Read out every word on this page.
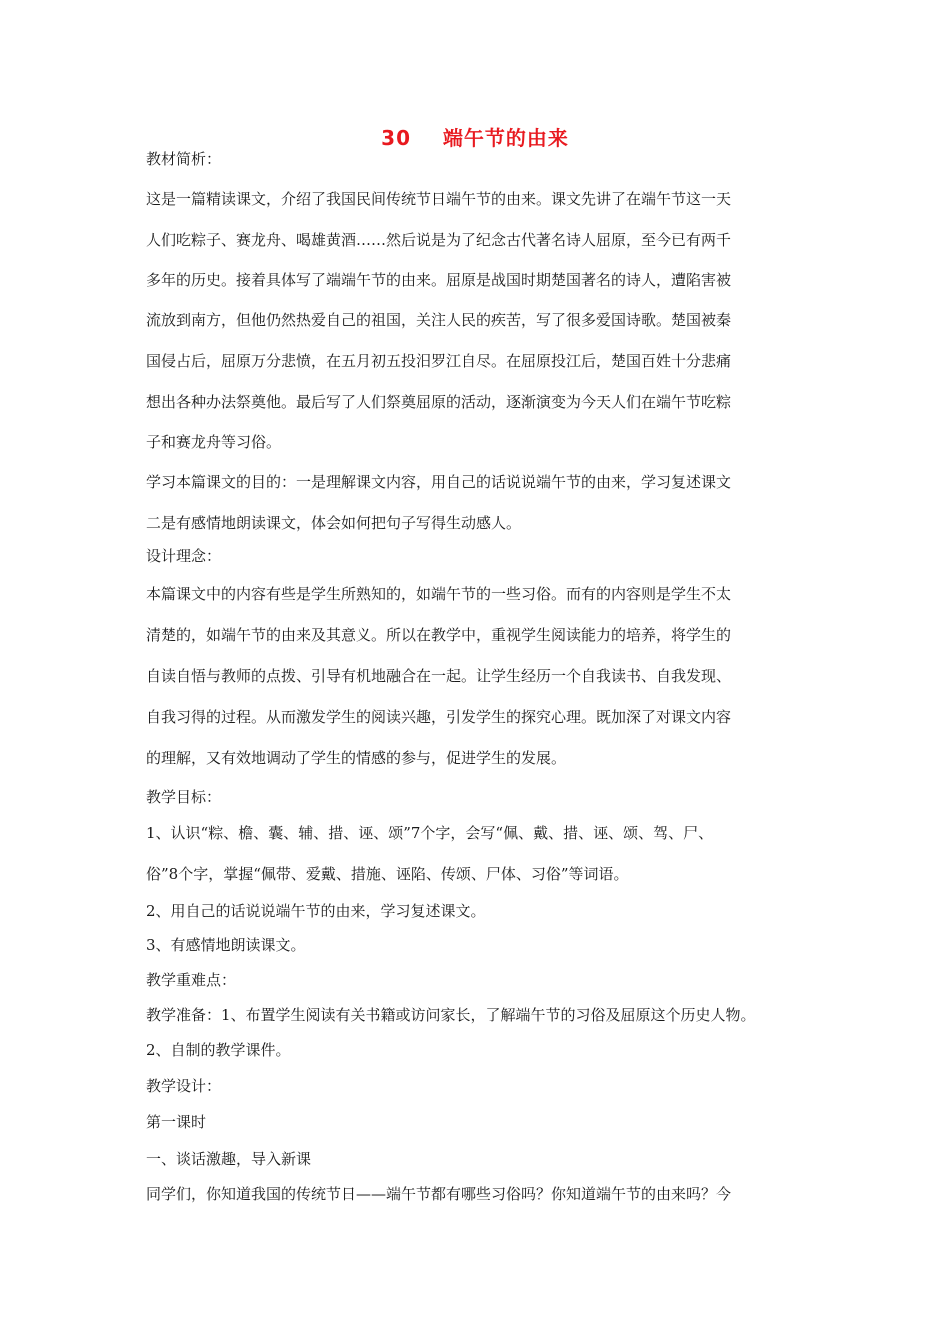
30    端午节的由来
教材简析：
这是一篇精读课文，介绍了我国民间传统节日端午节的由来。课文先讲了在端午节这一天
人们吃粽子、赛龙舟、喝雄黄酒……然后说是为了纪念古代著名诗人屈原，至今已有两千
多年的历史。接着具体写了端端午节的由来。屈原是战国时期楚国著名的诗人，遭陷害被
流放到南方，但他仍然热爱自己的祖国，关注人民的疾苦，写了很多爱国诗歌。楚国被秦
国侵占后，屈原万分悲愤，在五月初五投汨罗江自尽。在屈原投江后，楚国百姓十分悲痛
想出各种办法祭奠他。最后写了人们祭奠屈原的活动，逐渐演变为今天人们在端午节吃粽
子和赛龙舟等习俗。
学习本篇课文的目的：一是理解课文内容，用自己的话说说端午节的由来，学习复述课文
二是有感情地朗读课文，体会如何把句子写得生动感人。
设计理念：
本篇课文中的内容有些是学生所熟知的，如端午节的一些习俗。而有的内容则是学生不太
清楚的，如端午节的由来及其意义。所以在教学中，重视学生阅读能力的培养，将学生的
自读自悟与教师的点拨、引导有机地融合在一起。让学生经历一个自我读书、自我发现、
自我习得的过程。从而激发学生的阅读兴趣，引发学生的探究心理。既加深了对课文内容
的理解，又有效地调动了学生的情感的参与，促进学生的发展。
教学目标：
1、认识“粽、檐、囊、辅、措、诬、颂”7个字，会写“佩、戴、措、诬、颂、驾、尸、
俗”8个字，掌握“佩带、爱戴、措施、诬陷、传颂、尸体、习俗”等词语。
2、用自己的话说说端午节的由来，学习复述课文。
3、有感情地朗读课文。
教学重难点：
教学准备：1、布置学生阅读有关书籍或访问家长，了解端午节的习俗及屈原这个历史人物。
2、自制的教学课件。
教学设计：
第一课时
一、谈话激趣，导入新课
同学们，你知道我国的传统节日——端午节都有哪些习俗吗？你知道端午节的由来吗？今
